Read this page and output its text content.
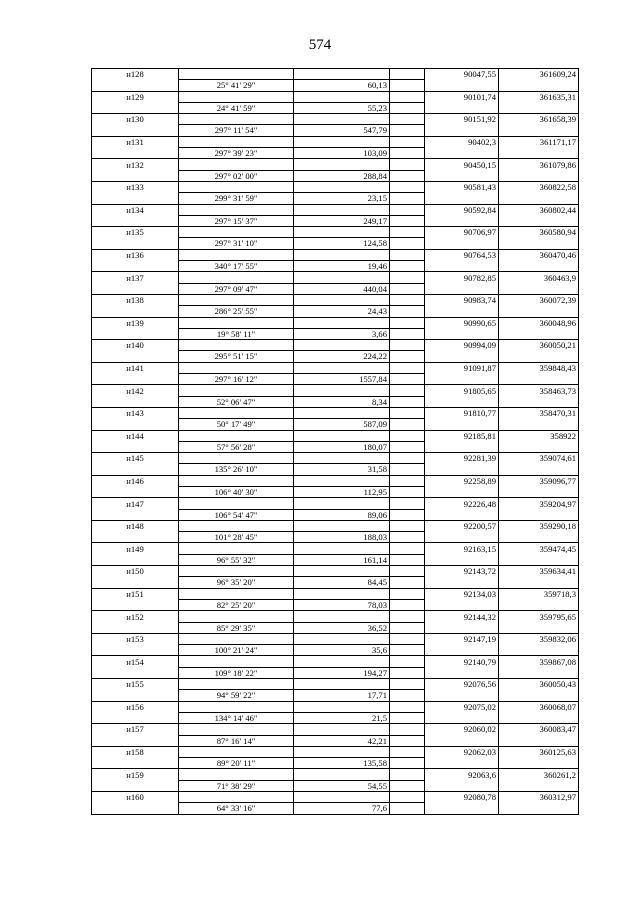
574
н128				90047,55	361609,24
	25° 41' 29"	60,13			
н129				90101,74	361635,31
	24° 41' 59"	55,23			
н130				90151,92	361658,39
	297° 11' 54"	547,79			
н131				90402,3	361171,17
	297° 39' 23"	103,09			
н132				90450,15	361079,86
	297° 02' 00"	288,84			
н133				90581,43	360822,58
	299° 31' 59"	23,15			
н134				90592,84	360802,44
	297° 15' 37"	249,17			
н135				90706,97	360580,94
	297° 31' 10"	124,58			
н136				90764,53	360470,46
	340° 17' 55"	19,46			
н137				90782,85	360463,9
	297° 09' 47"	440,04			
н138				90983,74	360072,39
	286° 25' 55"	24,43			
н139				90990,65	360048,96
	19° 58' 11"	3,66			
н140				90994,09	360050,21
	295° 51' 15"	224,22			
н141				91091,87	359848,43
	297° 16' 12"	1557,84			
н142				91805,65	358463,73
	52° 06' 47"	8,34			
н143				91810,77	358470,31
	50° 17' 49"	587,09			
н144				92185,81	358922
	57° 56' 28"	180,07			
н145				92281,39	359074,61
	135° 26' 10"	31,58			
н146				92258,89	359096,77
	106° 40' 30"	112,95			
н147				92226,48	359204,97
	106° 54' 47"	89,06			
н148				92200,57	359290,18
	101° 28' 45"	188,03			
н149				92163,15	359474,45
	96° 55' 32"	161,14			
н150				92143,72	359634,41
	96° 35' 20"	84,45			
н151				92134,03	359718,3
	82° 25' 20"	78,03			
н152				92144,32	359795,65
	85° 29' 35"	36,52			
н153				92147,19	359832,06
	100° 21' 24"	35,6			
н154				92140,79	359867,08
	109° 18' 22"	194,27			
н155				92076,56	360050,43
	94° 59' 22"	17,71			
н156				92075,02	360068,07
	134° 14' 46"	21,5			
н157				92060,02	360083,47
	87° 16' 14"	42,21			
н158				92062,03	360125,63
	89° 20' 11"	135,58			
н159				92063,6	360261,2
	71° 38' 29"	54,55			
н160				92080,78	360312,97
	64° 33' 16"	77,6			
